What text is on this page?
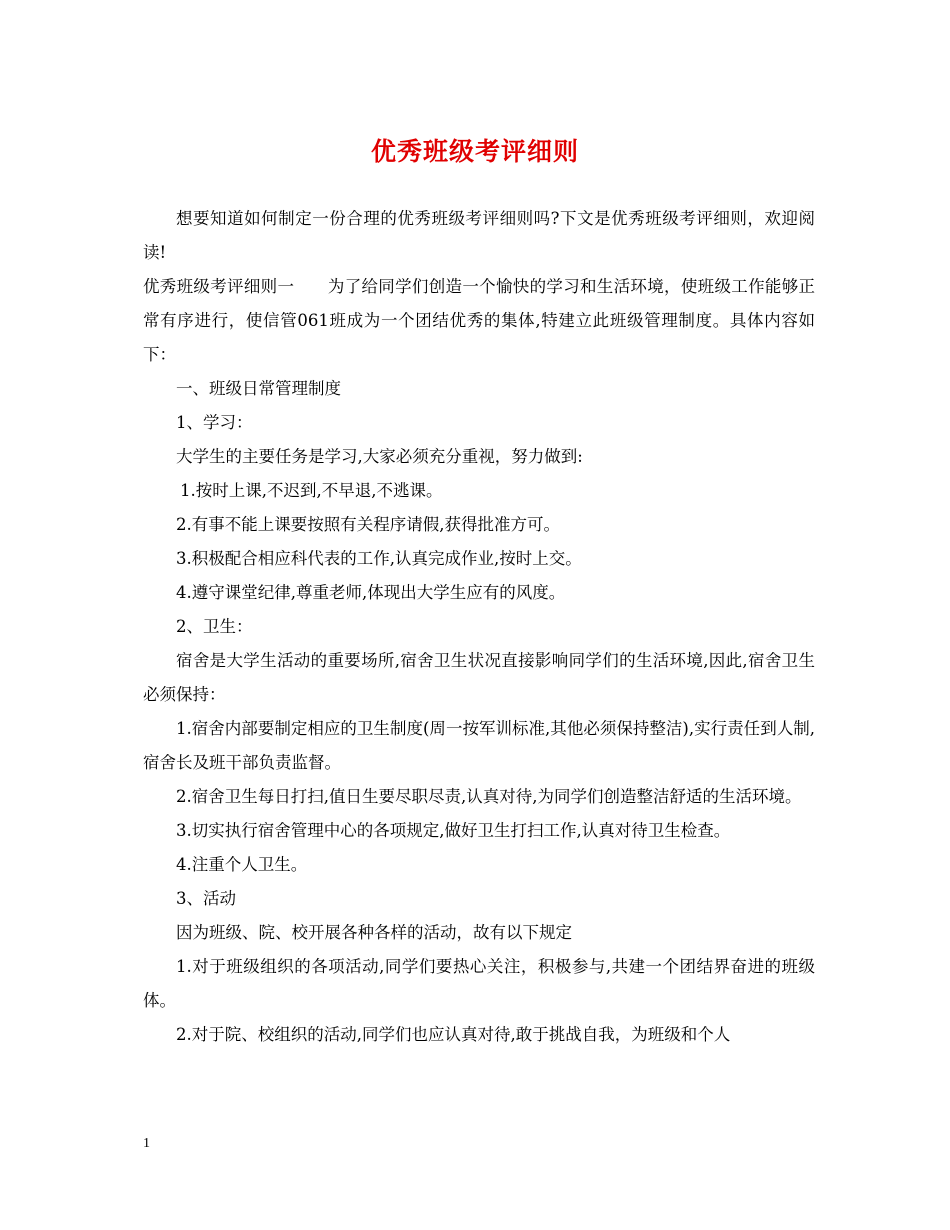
优秀班级考评细则

想要知道如何制定一份合理的优秀班级考评细则吗?下文是优秀班级考评细则，欢迎阅读!

优秀班级考评细则一　　为了给同学们创造一个愉快的学习和生活环境，使班级工作能够正常有序进行，使信管061班成为一个团结优秀的集体,特建立此班级管理制度。具体内容如下：

一、班级日常管理制度

1、学习：

大学生的主要任务是学习,大家必须充分重视，努力做到:

1.按时上课,不迟到,不早退,不逃课。

2.有事不能上课要按照有关程序请假,获得批准方可。

3.积极配合相应科代表的工作,认真完成作业,按时上交。

4.遵守课堂纪律,尊重老师,体现出大学生应有的风度。

2、卫生：

宿舍是大学生活动的重要场所,宿舍卫生状况直接影响同学们的生活环境,因此,宿舍卫生必须保持：

1.宿舍内部要制定相应的卫生制度(周一按军训标准,其他必须保持整洁),实行责任到人制,宿舍长及班干部负责监督。

2.宿舍卫生每日打扫,值日生要尽职尽责,认真对待,为同学们创造整洁舒适的生活环境。

3.切实执行宿舍管理中心的各项规定,做好卫生打扫工作,认真对待卫生检查。

4.注重个人卫生。

3、活动

因为班级、院、校开展各种各样的活动，故有以下规定

1.对于班级组织的各项活动,同学们要热心关注，积极参与,共建一个团结界奋进的班级体。

2.对于院、校组织的活动,同学们也应认真对待,敢于挑战自我，为班级和个人

1
